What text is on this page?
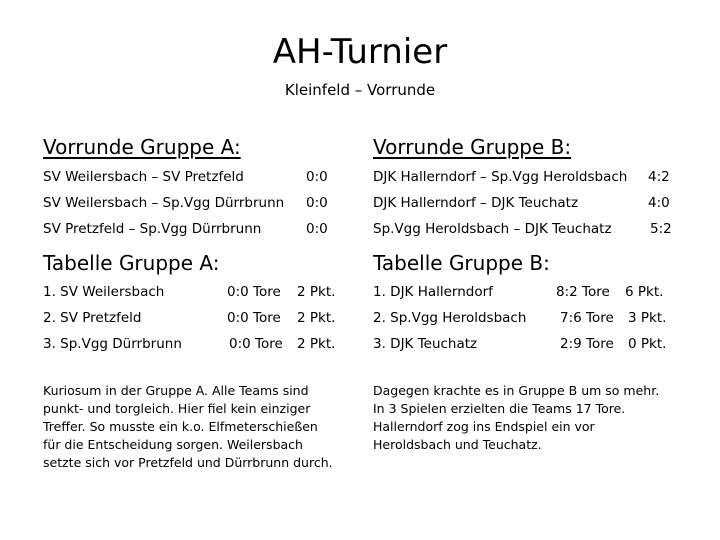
AH-Turnier
Kleinfeld – Vorrunde
Vorrunde Gruppe A:
SV Weilersbach – SV Pretzfeld	0:0
SV Weilersbach – Sp.Vgg Dürrbrunn 0:0
SV Pretzfeld – Sp.Vgg Dürrbrunn	0:0
Tabelle Gruppe A:
1. SV Weilersbach	0:0 Tore 2 Pkt.
2. SV Pretzfeld	0:0 Tore 2 Pkt.
3. Sp.Vgg Dürrbrunn	0:0 Tore 2 Pkt.
Kuriosum in der Gruppe A. Alle Teams sind
punkt- und torgleich. Hier fiel kein einziger
Treffer. So musste ein k.o. Elfmeterschießen
für die Entscheidung sorgen. Weilersbach
setzte sich vor Pretzfeld und Dürrbrunn durch.
Vorrunde Gruppe B:
DJK Hallerndorf – Sp.Vgg Heroldsbach 4:2
DJK Hallerndorf – DJK Teuchatz	4:0
Sp.Vgg Heroldsbach – DJK Teuchatz	5:2
Tabelle Gruppe B:
1. DJK Hallerndorf	8:2 Tore 6 Pkt.
2. Sp.Vgg Heroldsbach 7:6 Tore 3 Pkt.
3. DJK Teuchatz	2:9 Tore 0 Pkt.
Dagegen krachte es in Gruppe B um so mehr.
In 3 Spielen erzielten die Teams 17 Tore.
Hallerndorf zog ins Endspiel ein vor
Heroldsbach und Teuchatz.
